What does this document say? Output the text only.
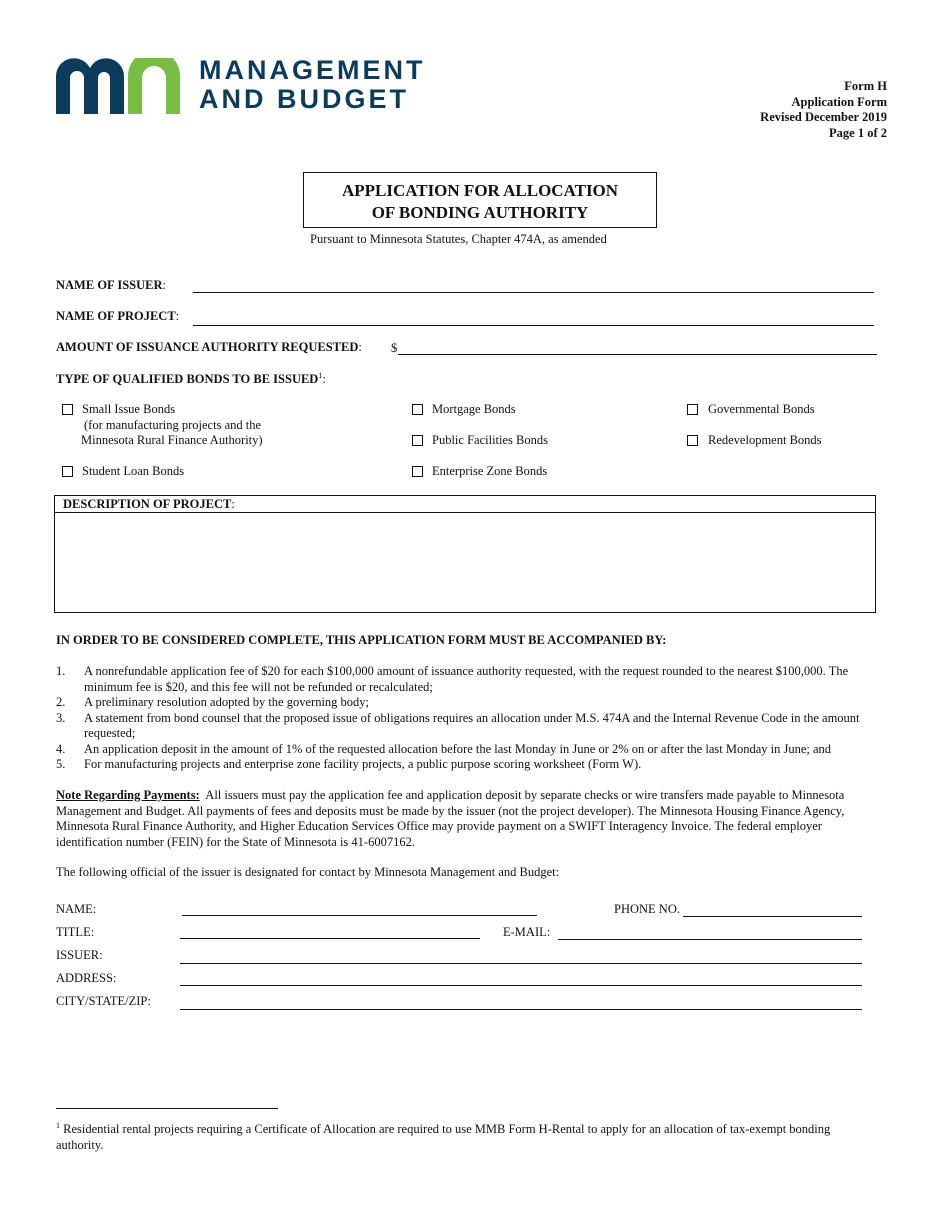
MANAGEMENT
AND BUDGET	Form H
Application Form
Revised December 2019
Page 1 of 2
APPLICATION FOR ALLOCATION
OF BONDING AUTHORITY
Pursuant to Minnesota Statutes, Chapter 474A, as amended
NAME OF ISSUER:
NAME OF PROJECT:
AMOUNT OF ISSUANCE AUTHORITY REQUESTED: $
TYPE OF QUALIFIED BONDS TO BE ISSUED$^1$:
Small Issue Bonds
(for manufacturing projects and the
Minnesota Rural Finance Authority)
Student Loan Bonds
Mortgage Bonds
Public Facilities Bonds
Enterprise Zone Bonds
Governmental Bonds
Redevelopment Bonds
DESCRIPTION OF PROJECT:
IN ORDER TO BE CONSIDERED COMPLETE, THIS APPLICATION FORM MUST BE ACCOMPANIED BY:
1.	A nonrefundable application fee of $20 for each $100,000 amount of issuance authority requested, with the request rounded to the nearest $100,000. The minimum fee is $20, and this fee will not be refunded or recalculated;
2.	A preliminary resolution adopted by the governing body;
3.	A statement from bond counsel that the proposed issue of obligations requires an allocation under M.S. 474A and the Internal Revenue Code in the amount requested;
4.	An application deposit in the amount of 1% of the requested allocation before the last Monday in June or 2% on or after the last Monday in June; and
5.	For manufacturing projects and enterprise zone facility projects, a public purpose scoring worksheet (Form W).
Note Regarding Payments: All issuers must pay the application fee and application deposit by separate checks or wire transfers made payable to Minnesota Management and Budget. All payments of fees and deposits must be made by the issuer (not the project developer). The Minnesota Housing Finance Agency, Minnesota Rural Finance Authority, and Higher Education Services Office may provide payment on a SWIFT Interagency Invoice. The federal employer identification number (FEIN) for the State of Minnesota is 41-6007162.
The following official of the issuer is designated for contact by Minnesota Management and Budget:
NAME:	PHONE NO.
TITLE:	E-MAIL:
ISSUER:
ADDRESS:
CITY/STATE/ZIP:
$^1$ Residential rental projects requiring a Certificate of Allocation are required to use MMB Form H-Rental to apply for an allocation of tax-exempt bonding authority.
